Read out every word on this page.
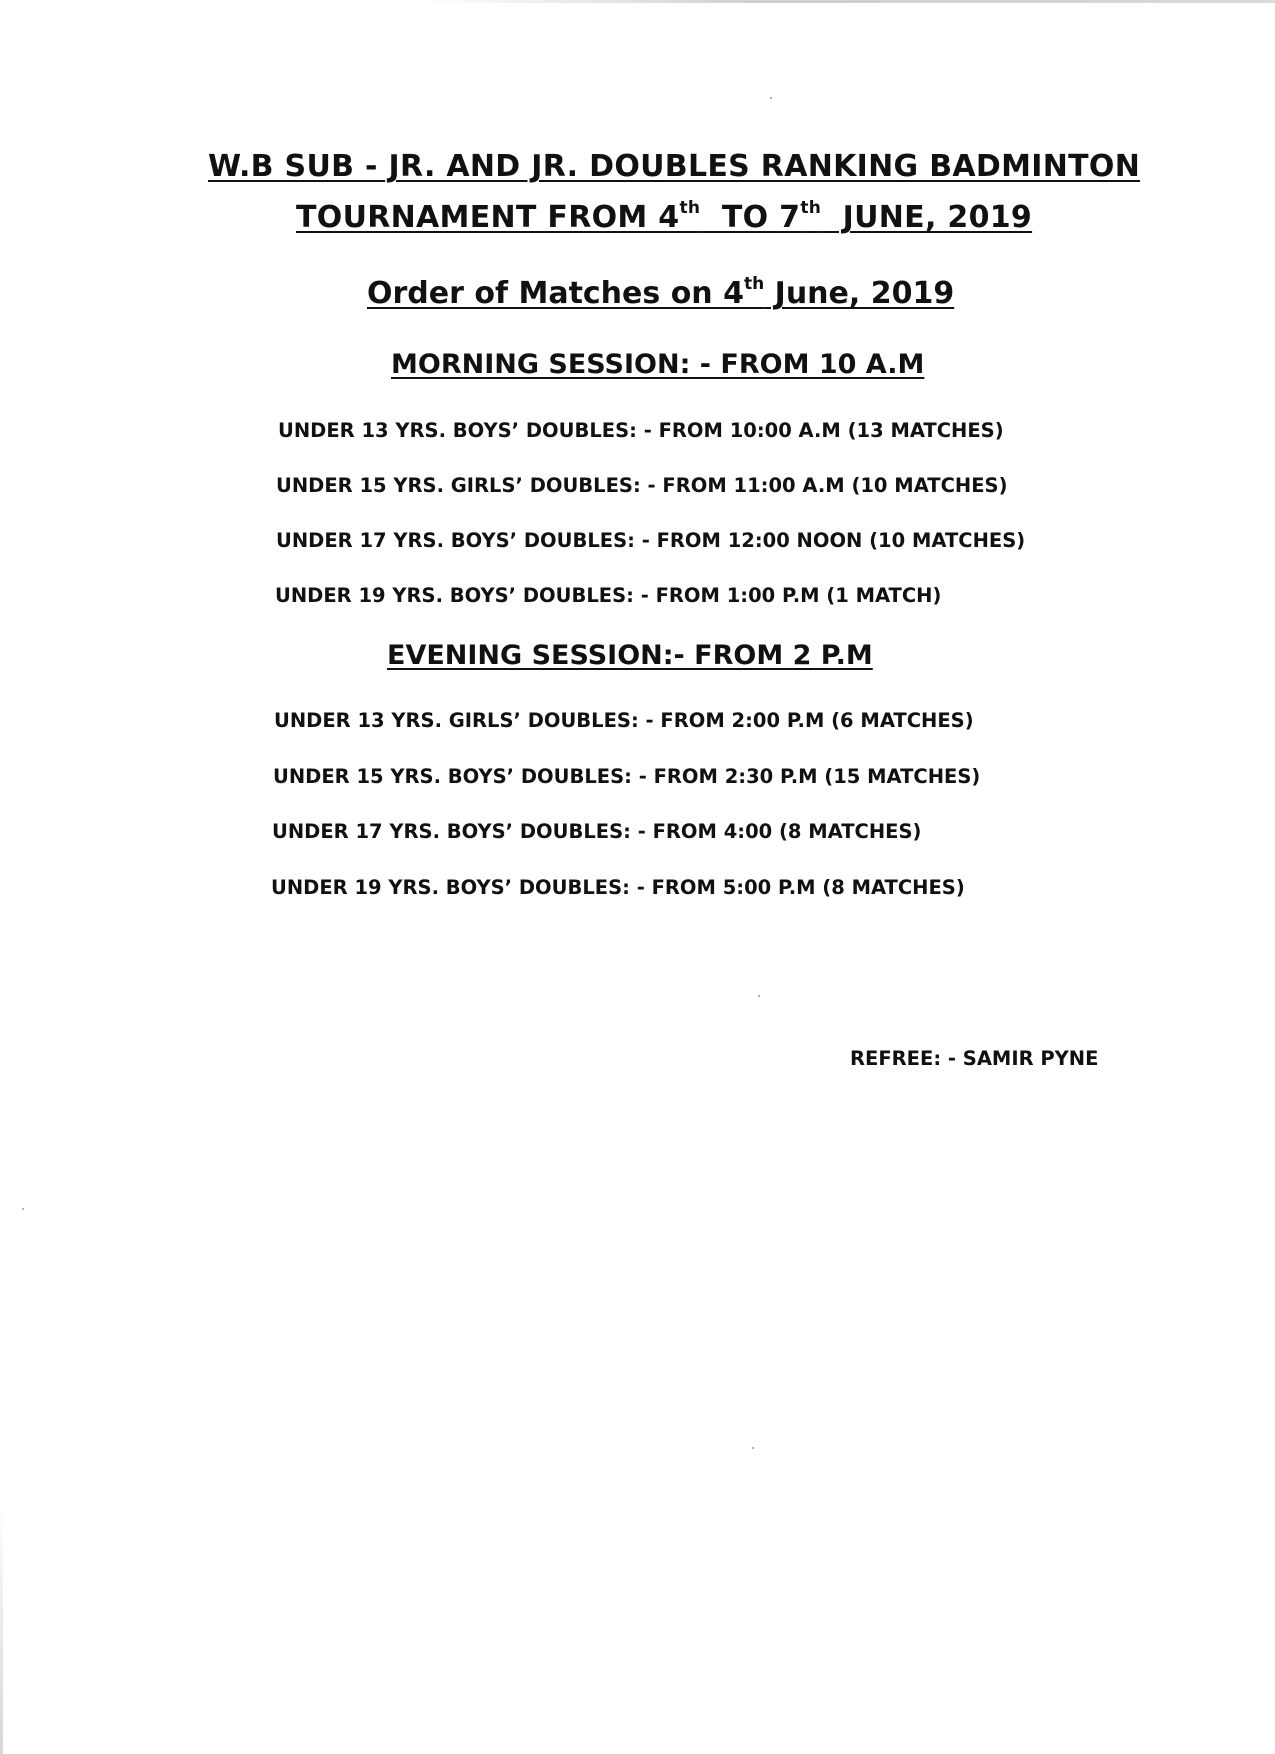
W.B SUB - JR. AND JR. DOUBLES RANKING BADMINTON
TOURNAMENT FROM 4th  TO 7th  JUNE, 2019
Order of Matches on 4th June, 2019
MORNING SESSION: - FROM 10 A.M
UNDER 13 YRS. BOYS’ DOUBLES: - FROM 10:00 A.M (13 MATCHES)
UNDER 15 YRS. GIRLS’ DOUBLES: - FROM 11:00 A.M (10 MATCHES)
UNDER 17 YRS. BOYS’ DOUBLES: - FROM 12:00 NOON (10 MATCHES)
UNDER 19 YRS. BOYS’ DOUBLES: - FROM 1:00 P.M (1 MATCH)
EVENING SESSION:- FROM 2 P.M
UNDER 13 YRS. GIRLS’ DOUBLES: - FROM 2:00 P.M (6 MATCHES)
UNDER 15 YRS. BOYS’ DOUBLES: - FROM 2:30 P.M (15 MATCHES)
UNDER 17 YRS. BOYS’ DOUBLES: - FROM 4:00 (8 MATCHES)
UNDER 19 YRS. BOYS’ DOUBLES: - FROM 5:00 P.M (8 MATCHES)
REFREE: - SAMIR PYNE
